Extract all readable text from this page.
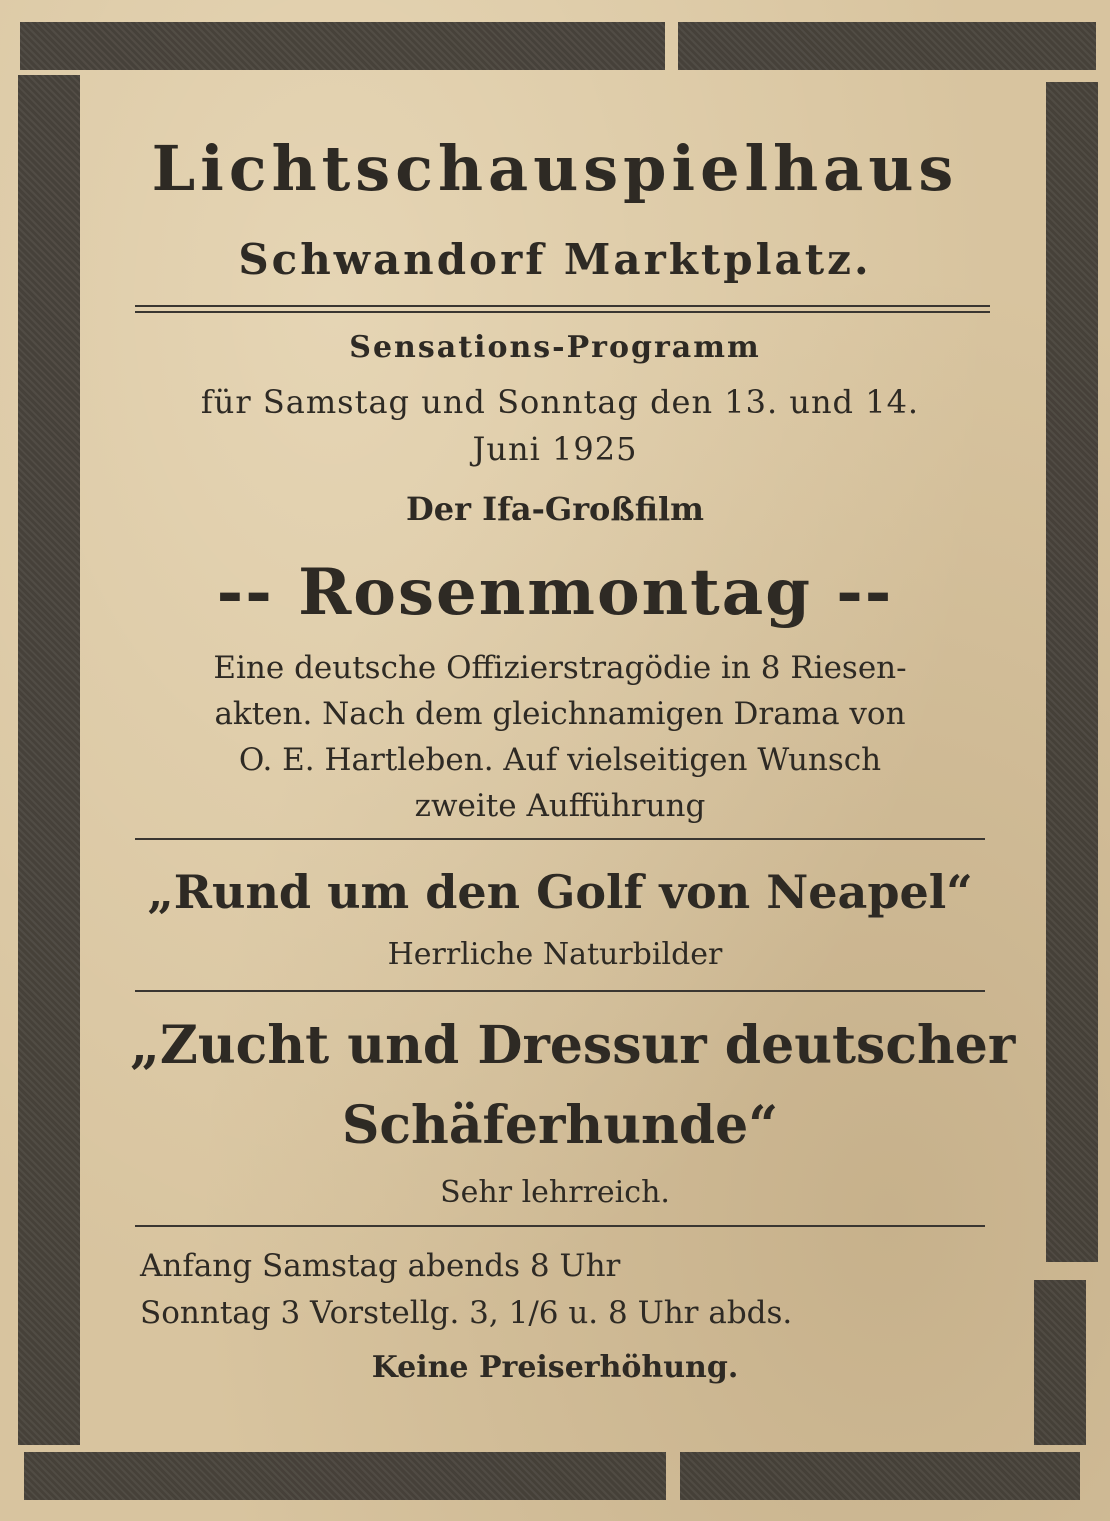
Lichtschauspielhaus
Schwandorf Marktplatz.
Sensations-Programm
für Samstag und Sonntag den 13. und 14.
Juni 1925
Der Ifa-Großfilm
-- Rosenmontag --
Eine deutsche Offizierstragödie in 8 Riesen-
akten. Nach dem gleichnamigen Drama von
O. E. Hartleben. Auf vielseitigen Wunsch
zweite Aufführung
„Rund um den Golf von Neapel“
Herrliche Naturbilder
„Zucht und Dressur deutscher
Schäferhunde“
Sehr lehrreich.
Anfang Samstag abends 8 Uhr
Sonntag 3 Vorstellg. 3, 1/6 u. 8 Uhr abds.
Keine Preiserhöhung.
